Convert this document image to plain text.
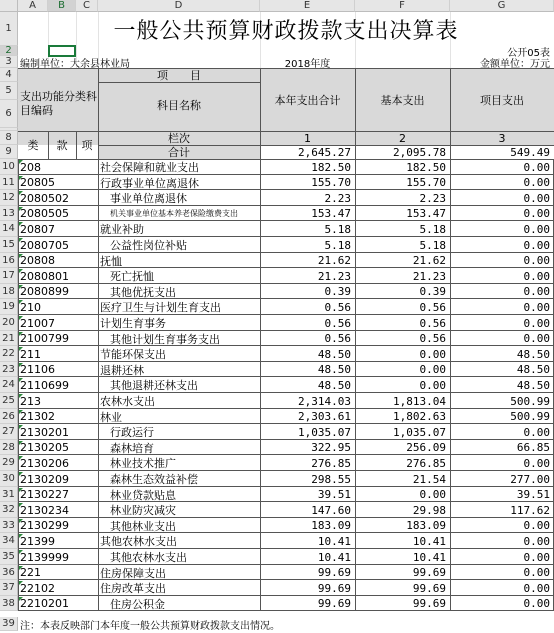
A	B	C	D	E	F	G
1
2
3
4
5
6
8
9
10
11
12
13
14
15
16
17
18
19
20
21
22
23
24
25
26
27
28
29
30
31
32
33
34
35
36
37
38
一般公共预算财政拨款支出决算表
公开05表
编制单位：大余县林业局	2018年度	金额单位：万元
项　　目
支出功能分类科目编码	科目名称	本年支出合计	基本支出	项目支出
类	款	项
栏次	1	2	3
合计	2,645.27	2,095.78	549.49
208	社会保障和就业支出	182.50	182.50	0.00
20805	行政事业单位离退休	155.70	155.70	0.00
2080502	事业单位离退休	2.23	2.23	0.00
2080505	机关事业单位基本养老保险缴费支出	153.47	153.47	0.00
20807	就业补助	5.18	5.18	0.00
2080705	公益性岗位补贴	5.18	5.18	0.00
20808	抚恤	21.62	21.62	0.00
2080801	死亡抚恤	21.23	21.23	0.00
2080899	其他优抚支出	0.39	0.39	0.00
210	医疗卫生与计划生育支出	0.56	0.56	0.00
21007	计划生育事务	0.56	0.56	0.00
2100799	其他计划生育事务支出	0.56	0.56	0.00
211	节能环保支出	48.50	0.00	48.50
21106	退耕还林	48.50	0.00	48.50
2110699	其他退耕还林支出	48.50	0.00	48.50
213	农林水支出	2,314.03	1,813.04	500.99
21302	林业	2,303.61	1,802.63	500.99
2130201	行政运行	1,035.07	1,035.07	0.00
2130205	森林培育	322.95	256.09	66.85
2130206	林业技术推广	276.85	276.85	0.00
2130209	森林生态效益补偿	298.55	21.54	277.00
2130227	林业贷款贴息	39.51	0.00	39.51
2130234	林业防灾减灾	147.60	29.98	117.62
2130299	其他林业支出	183.09	183.09	0.00
21399	其他农林水支出	10.41	10.41	0.00
2139999	其他农林水支出	10.41	10.41	0.00
221	住房保障支出	99.69	99.69	0.00
22102	住房改革支出	99.69	99.69	0.00
2210201	住房公积金	99.69	99.69	0.00
39 注：本表反映部门本年度一般公共预算财政拨款支出情况。
